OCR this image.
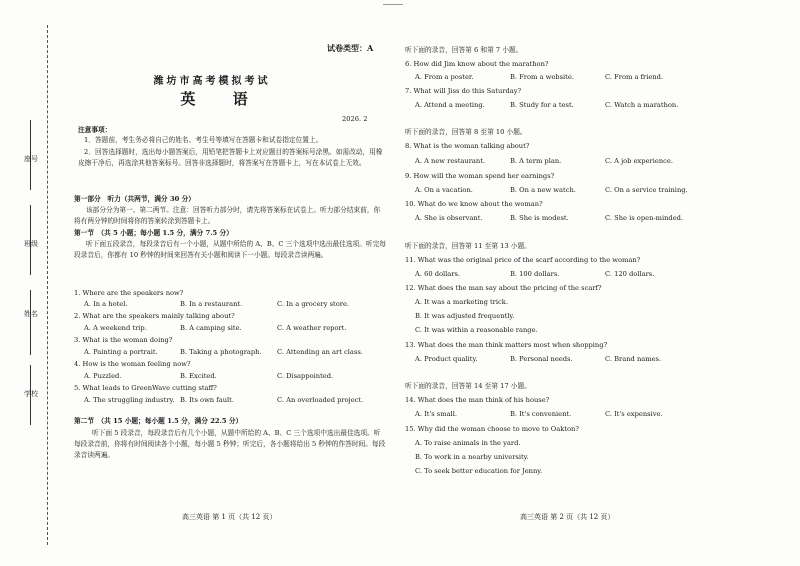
座号
班级
姓名
学校
试卷类型：A
潍坊市高考模拟考试
英 语
2026. 2
注意事项：
1．答题前，考生务必将自己的姓名、考生号等填写在答题卡和试卷指定位置上。
2．回答选择题时，选出每小题答案后，用铅笔把答题卡上对应题目的答案标号涂黑。如需改动，用橡皮擦干净后，再选涂其他答案标号。回答非选择题时，将答案写在答题卡上，写在本试卷上无效。
第一部分　听力（共两节，满分 30 分）
该部分分为第一、第二两节。注意：回答听力部分时，请先将答案标在试卷上。听力部分结束前，你将有两分钟的时间将你的答案转涂到答题卡上。
第一节　（共 5 小题；每小题 1.5 分，满分 7.5 分）
听下面五段录音，每段录音后有一个小题，从题中所给的 A、B、C 三个选项中选出最佳选项。听完每段录音后，你都有 10 秒钟的时间来回答有关小题和阅读下一小题。每段录音读两遍。
1. Where are the speakers now?
A. In a hotel.	B. In a restaurant.	C. In a grocery store.
2. What are the speakers mainly talking about?
A. A weekend trip.	B. A camping site.	C. A weather report.
3. What is the woman doing?
A. Painting a portrait.	B. Taking a photograph. C. Attending an art class.
4. How is the woman feeling now?
A. Puzzled.	B. Excited.	C. Disappointed.
5. What leads to GreenWave cutting staff?
A. The struggling industry. B. Its own fault.	C. An overloaded project.
第二节　（共 15 小题；每小题 1.5 分，满分 22.5 分）
听下面 5 段录音，每段录音后有几个小题，从题中所给的 A、B、C 三个选项中选出最佳选项。听每段录音前，你将有时间阅读各个小题，每小题 5 秒钟；听完后，各小题将给出 5 秒钟的作答时间。每段录音读两遍。
高三英语 第 1 页（共 12 页）
听下面的录音，回答第 6 和第 7 小题。
6. How did Jim know about the marathon?
A. From a poster.	B. From a website.	C. From a friend.
7. What will Jiss do this Saturday?
A. Attend a meeting.	B. Study for a test.	C. Watch a marathon.
听下面的录音，回答第 8 至第 10 小题。
8. What is the woman talking about?
A. A new restaurant.	B. A term plan.	C. A job experience.
9. How will the woman spend her earnings?
A. On a vacation.	B. On a new watch.	C. On a service training.
10. What do we know about the woman?
A. She is observant.	B. She is modest.	C. She is open-minded.
听下面的录音，回答第 11 至第 13 小题。
11. What was the original price of the scarf according to the woman?
A. 60 dollars.	B. 100 dollars.	C. 120 dollars.
12. What does the man say about the pricing of the scarf?
A. It was a marketing trick.
B. It was adjusted frequently.
C. It was within a reasonable range.
13. What does the man think matters most when shopping?
A. Product quality.	B. Personal needs.	C. Brand names.
听下面的录音，回答第 14 至第 17 小题。
14. What does the man think of his house?
A. It's small.	B. It's convenient.	C. It's expensive.
15. Why did the woman choose to move to Oakton?
A. To raise animals in the yard.
B. To work in a nearby university.
C. To seek better education for Jenny.
高三英语 第 2 页（共 12 页）
